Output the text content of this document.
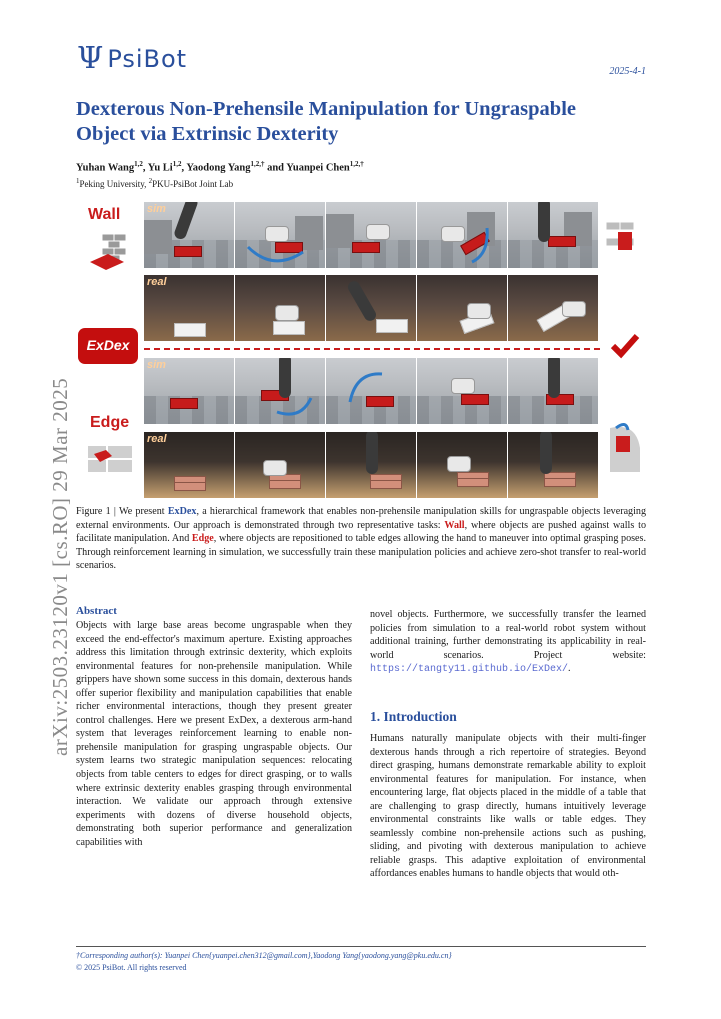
Ψ PsiBot	2025-4-1
arXiv:2503.23120v1 [cs.RO] 29 Mar 2025
Dexterous Non-Prehensile Manipulation for Ungraspable Object via Extrinsic Dexterity
Yuhan Wang$^{1,2}$, Yu Li$^{1,2}$, Yaodong Yang$^{1,2,\dagger}$ and Yuanpei Chen$^{1,2,\dagger}$
$^1$Peking University, $^2$PKU-PsiBot Joint Lab
Wall
ExDex
Edge
sim
real
sim
real
Figure 1 | We present ExDex, a hierarchical framework that enables non-prehensile manipulation skills for ungraspable objects leveraging external environments. Our approach is demonstrated through two representative tasks: Wall, where objects are pushed against walls to facilitate manipulation. And Edge, where objects are repositioned to table edges allowing the hand to maneuver into optimal grasping poses. Through reinforcement learning in simulation, we successfully train these manipulation policies and achieve zero-shot transfer to real-world scenarios.
Abstract
Objects with large base areas become ungraspable when they exceed the end-effector's maximum aperture. Existing approaches address this limitation through extrinsic dexterity, which exploits environmental features for non-prehensile manipulation. While grippers have shown some success in this domain, dexterous hands offer superior flexibility and manipulation capabilities that enable richer environmental interactions, though they present greater control challenges. Here we present ExDex, a dexterous arm-hand system that leverages reinforcement learning to enable non-prehensile manipulation for grasping ungraspable objects. Our system learns two strategic manipulation sequences: relocating objects from table centers to edges for direct grasping, or to walls where extrinsic dexterity enables grasping through environmental interaction. We validate our approach through extensive experiments with dozens of diverse household objects, demonstrating both superior performance and generalization capabilities with
novel objects. Furthermore, we successfully transfer the learned policies from simulation to a real-world robot system without additional training, further demonstrating its applicability in real-world scenarios. Project website: https://tangty11.github.io/ExDex/.
1. Introduction
Humans naturally manipulate objects with their multi-finger dexterous hands through a rich repertoire of strategies. Beyond direct grasping, humans demonstrate remarkable ability to exploit environmental features for manipulation. For instance, when encountering large, flat objects placed in the middle of a table that are challenging to grasp directly, humans intuitively leverage environmental constraints like walls or table edges. They seamlessly combine non-prehensile actions such as pushing, sliding, and pivoting with dexterous manipulation to achieve reliable grasps. This adaptive exploitation of environmental affordances enables humans to handle objects that would oth-
†Corresponding author(s): Yuanpei Chen{yuanpei.chen312@gmail.com},Yaodong Yang{yaodong.yang@pku.edu.cn}
© 2025 PsiBot. All rights reserved
